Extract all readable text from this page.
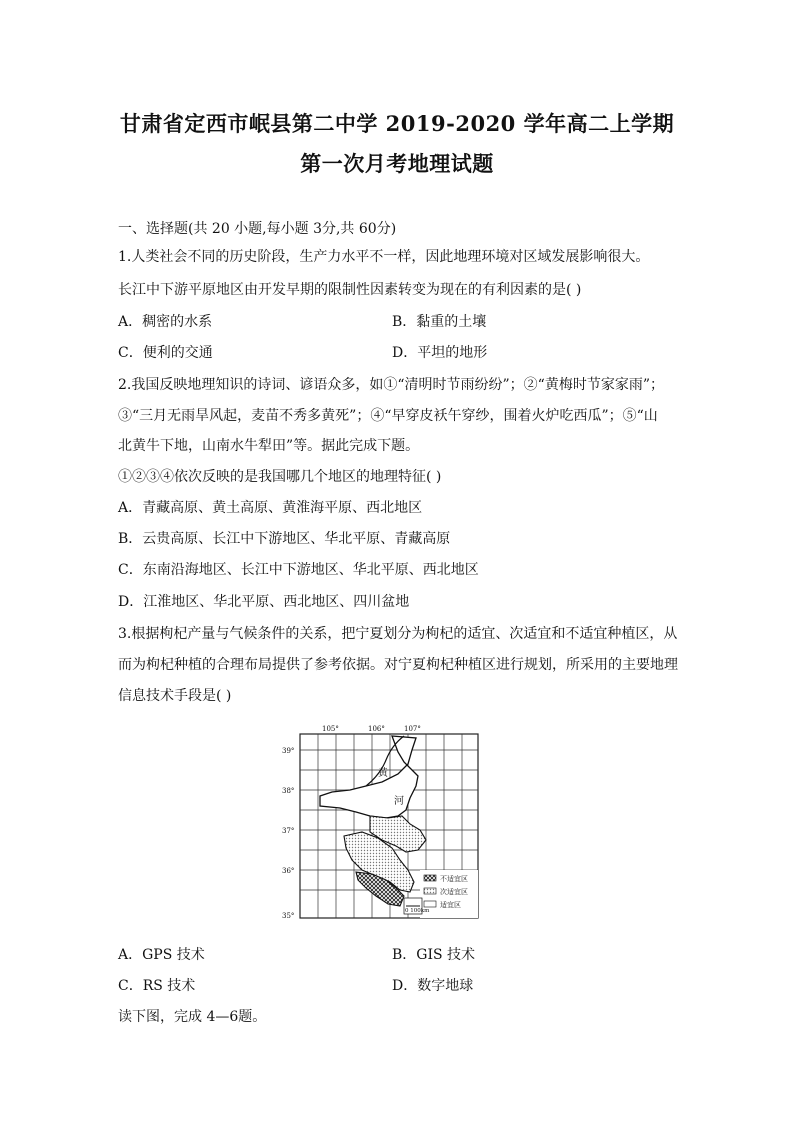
甘肃省定西市岷县第二中学 2019-2020 学年高二上学期
第一次月考地理试题
一、选择题(共 20 小题,每小题 3分,共 60分)
1.人类社会不同的历史阶段，生产力水平不一样，因此地理环境对区域发展影响很大。
长江中下游平原地区由开发早期的限制性因素转变为现在的有利因素的是( )
A．稠密的水系	B．黏重的土壤
C．便利的交通	D．平坦的地形
2.我国反映地理知识的诗词、谚语众多，如①“清明时节雨纷纷”；②“黄梅时节家家雨”；
③“三月无雨旱风起，麦苗不秀多黄死”；④“早穿皮袄午穿纱，围着火炉吃西瓜”；⑤“山
北黄牛下地，山南水牛犁田”等。据此完成下题。
①②③④依次反映的是我国哪几个地区的地理特征( )
A．青藏高原、黄土高原、黄淮海平原、西北地区
B．云贵高原、长江中下游地区、华北平原、青藏高原
C．东南沿海地区、长江中下游地区、华北平原、西北地区
D．江淮地区、华北平原、西北地区、四川盆地
3.根据枸杞产量与气候条件的关系，把宁夏划分为枸杞的适宜、次适宜和不适宜种植区，从
而为枸杞种植的合理布局提供了参考依据。对宁夏枸杞种植区进行规划，所采用的主要地理
信息技术手段是( )
黄
河
105°	106°	107°
39°
38°
37°
36°
35°
不适宜区
次适宜区
适宜区
0 100km
A．GPS 技术	B．GIS 技术
C．RS 技术	D．数字地球
读下图，完成 4—6题。
